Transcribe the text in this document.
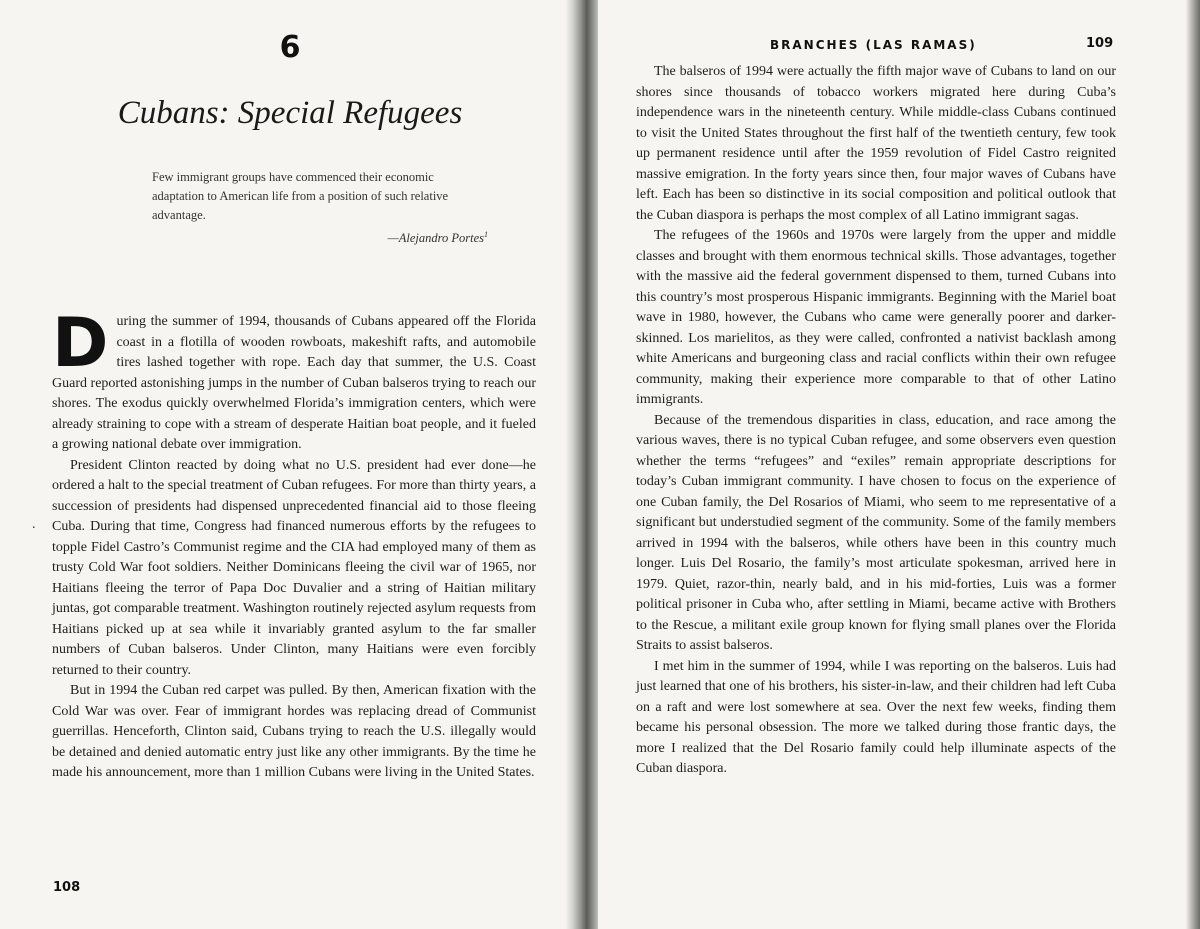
6
Cubans: Special Refugees
Few immigrant groups have commenced their economic adaptation to American life from a position of such relative advantage.
—Alejandro Portes$^1$
.

During the summer of 1994, thousands of Cubans appeared off the Florida coast in a flotilla of wooden rowboats, makeshift rafts, and automobile tires lashed together with rope. Each day that summer, the U.S. Coast Guard reported astonishing jumps in the number of Cuban balseros trying to reach our shores. The exodus quickly overwhelmed Florida’s immigration centers, which were already straining to cope with a stream of desperate Haitian boat people, and it fueled a growing national debate over immigration.

President Clinton reacted by doing what no U.S. president had ever done—he ordered a halt to the special treatment of Cuban refugees. For more than thirty years, a succession of presidents had dispensed unprecedented financial aid to those fleeing Cuba. During that time, Congress had financed numerous efforts by the refugees to topple Fidel Castro’s Communist regime and the CIA had employed many of them as trusty Cold War foot soldiers. Neither Dominicans fleeing the civil war of 1965, nor Haitians fleeing the terror of Papa Doc Duvalier and a string of Haitian military juntas, got comparable treatment. Washington routinely rejected asylum requests from Haitians picked up at sea while it invariably granted asylum to the far smaller numbers of Cuban balseros. Under Clinton, many Haitians were even forcibly returned to their country.

But in 1994 the Cuban red carpet was pulled. By then, American fixation with the Cold War was over. Fear of immigrant hordes was replacing dread of Communist guerrillas. Henceforth, Clinton said, Cubans trying to reach the U.S. illegally would be detained and denied automatic entry just like any other immigrants. By the time he made his announcement, more than 1 million Cubans were living in the United States.

108
BRANCHES (LAS RAMAS)	109

The balseros of 1994 were actually the fifth major wave of Cubans to land on our shores since thousands of tobacco workers migrated here during Cuba’s independence wars in the nineteenth century. While middle-class Cubans continued to visit the United States throughout the first half of the twentieth century, few took up permanent residence until after the 1959 revolution of Fidel Castro reignited massive emigration. In the forty years since then, four major waves of Cubans have left. Each has been so distinctive in its social composition and political outlook that the Cuban diaspora is perhaps the most complex of all Latino immigrant sagas.

The refugees of the 1960s and 1970s were largely from the upper and middle classes and brought with them enormous technical skills. Those advantages, together with the massive aid the federal government dispensed to them, turned Cubans into this country’s most prosperous Hispanic immigrants. Beginning with the Mariel boat wave in 1980, however, the Cubans who came were generally poorer and darker-skinned. Los marielitos, as they were called, confronted a nativist backlash among white Americans and burgeoning class and racial conflicts within their own refugee community, making their experience more comparable to that of other Latino immigrants.

Because of the tremendous disparities in class, education, and race among the various waves, there is no typical Cuban refugee, and some observers even question whether the terms “refugees” and “exiles” remain appropriate descriptions for today’s Cuban immigrant community. I have chosen to focus on the experience of one Cuban family, the Del Rosarios of Miami, who seem to me representative of a significant but understudied segment of the community. Some of the family members arrived in 1994 with the balseros, while others have been in this country much longer. Luis Del Rosario, the family’s most articulate spokesman, arrived here in 1979. Quiet, razor-thin, nearly bald, and in his mid-forties, Luis was a former political prisoner in Cuba who, after settling in Miami, became active with Brothers to the Rescue, a militant exile group known for flying small planes over the Florida Straits to assist balseros.

I met him in the summer of 1994, while I was reporting on the balseros. Luis had just learned that one of his brothers, his sister-in-law, and their children had left Cuba on a raft and were lost somewhere at sea. Over the next few weeks, finding them became his personal obsession. The more we talked during those frantic days, the more I realized that the Del Rosario family could help illuminate aspects of the Cuban diaspora.
